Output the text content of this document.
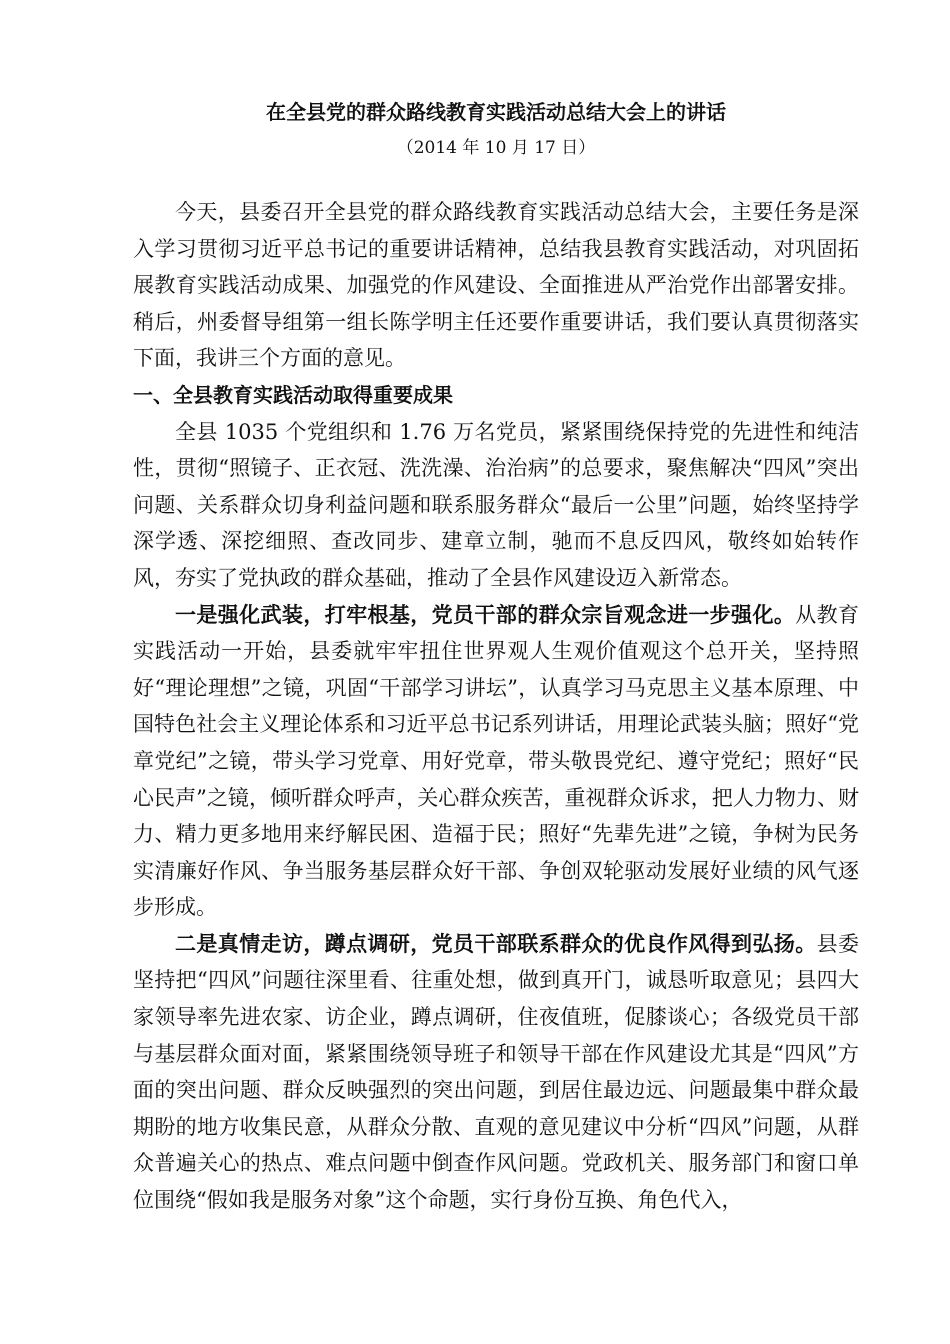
在全县党的群众路线教育实践活动总结大会上的讲话
（2014 年 10 月 17 日）

今天，县委召开全县党的群众路线教育实践活动总结大会，主要任务是深入学习贯彻习近平总书记的重要讲话精神，总结我县教育实践活动，对巩固拓展教育实践活动成果、加强党的作风建设、全面推进从严治党作出部署安排。稍后，州委督导组第一组长陈学明主任还要作重要讲话，我们要认真贯彻落实下面，我讲三个方面的意见。

一、全县教育实践活动取得重要成果

全县 1035 个党组织和 1.76 万名党员，紧紧围绕保持党的先进性和纯洁性，贯彻“照镜子、正衣冠、洗洗澡、治治病”的总要求，聚焦解决“四风”突出问题、关系群众切身利益问题和联系服务群众“最后一公里”问题，始终坚持学深学透、深挖细照、查改同步、建章立制，驰而不息反四风，敬终如始转作风，夯实了党执政的群众基础，推动了全县作风建设迈入新常态。

一是强化武装，打牢根基，党员干部的群众宗旨观念进一步强化。从教育实践活动一开始，县委就牢牢扭住世界观人生观价值观这个总开关，坚持照好“理论理想”之镜，巩固“干部学习讲坛”，认真学习马克思主义基本原理、中国特色社会主义理论体系和习近平总书记系列讲话，用理论武装头脑；照好“党章党纪”之镜，带头学习党章、用好党章，带头敬畏党纪、遵守党纪；照好“民心民声”之镜，倾听群众呼声，关心群众疾苦，重视群众诉求，把人力物力、财力、精力更多地用来纾解民困、造福于民；照好“先辈先进”之镜，争树为民务实清廉好作风、争当服务基层群众好干部、争创双轮驱动发展好业绩的风气逐步形成。

二是真情走访，蹲点调研，党员干部联系群众的优良作风得到弘扬。县委坚持把“四风”问题往深里看、往重处想，做到真开门，诚恳听取意见；县四大家领导率先进农家、访企业，蹲点调研，住夜值班，促膝谈心；各级党员干部与基层群众面对面，紧紧围绕领导班子和领导干部在作风建设尤其是“四风”方面的突出问题、群众反映强烈的突出问题，到居住最边远、问题最集中群众最期盼的地方收集民意，从群众分散、直观的意见建议中分析“四风”问题，从群众普遍关心的热点、难点问题中倒查作风问题。党政机关、服务部门和窗口单位围绕“假如我是服务对象”这个命题，实行身份互换、角色代入，
